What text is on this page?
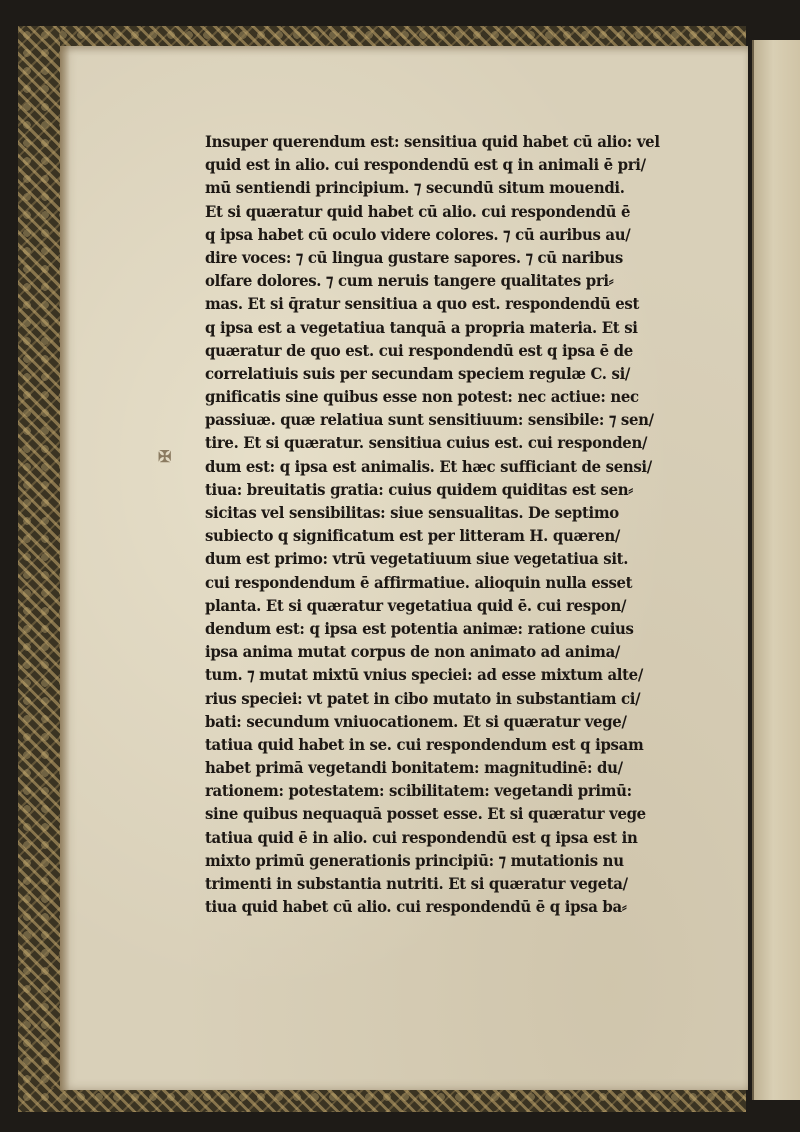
✠
Insuper querendum est: sensitiua quid habet cū alio: vel
quid est in alio. cui respondendū est q in animali ē pri/
mū sentiendi principium. ⁊ secundū situm mouendi.
Et si quæratur quid habet cū alio. cui respondendū ē
q ipsa habet cū oculo videre colores. ⁊ cū auribus au/
dire voces: ⁊ cū lingua gustare sapores. ⁊ cū naribus
olfare dolores. ⁊ cum neruis tangere qualitates pri⸗
mas. Et si q̄ratur sensitiua a quo est. respondendū est
q ipsa est a vegetatiua tanquā a propria materia. Et si
quæratur de quo est. cui respondendū est q ipsa ē de
correlatiuis suis per secundam speciem regulæ C. si/
gnificatis sine quibus esse non potest: nec actiue: nec
passiuæ. quæ relatiua sunt sensitiuum: sensibile: ⁊ sen/
tire. Et si quæratur. sensitiua cuius est. cui responden/
dum est: q ipsa est animalis. Et hæc sufficiant de sensi/
tiua: breuitatis gratia: cuius quidem quiditas est sen⸗
sicitas vel sensibilitas: siue sensualitas. De septimo
subiecto q significatum est per litteram H. quæren/
dum est primo: vtrū vegetatiuum siue vegetatiua sit.
cui respondendum ē affirmatiue. alioquin nulla esset
planta. Et si quæratur vegetatiua quid ē. cui respon/
dendum est: q ipsa est potentia animæ: ratione cuius
ipsa anima mutat corpus de non animato ad anima/
tum. ⁊ mutat mixtū vnius speciei: ad esse mixtum alte/
rius speciei: vt patet in cibo mutato in substantiam ci/
bati: secundum vniuocationem. Et si quæratur vege/
tatiua quid habet in se. cui respondendum est q ipsam
habet primā vegetandi bonitatem: magnitudinē: du/
rationem: potestatem: scibilitatem: vegetandi primū:
sine quibus nequaquā posset esse. Et si quæratur vege
tatiua quid ē in alio. cui respondendū est q ipsa est in
mixto primū generationis principiū: ⁊ mutationis nu
trimenti in substantia nutriti. Et si quæratur vegeta/
tiua quid habet cū alio. cui respondendū ē q ipsa ba⸗
